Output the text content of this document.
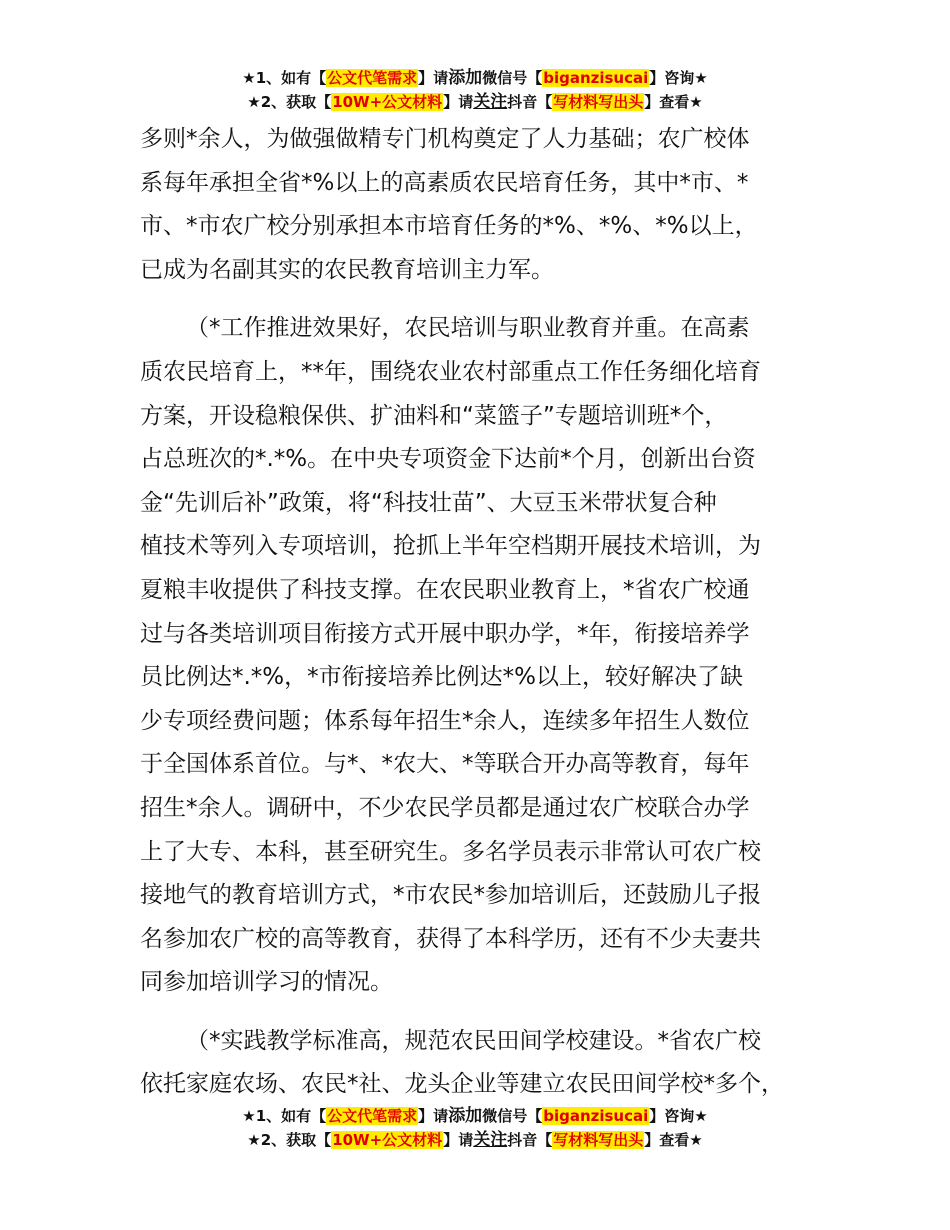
★1、如有【公文代笔需求】请添加微信号【biganzisucai】咨询★
★2、获取【10W+公文材料】请关注抖音【写材料写出头】查看★

多则*余人，为做强做精专门机构奠定了人力基础；农广校体
系每年承担全省*%以上的高素质农民培育任务，其中*市、*
市、*市农广校分别承担本市培育任务的*%、*%、*%以上，
已成为名副其实的农民教育培训主力军。

（*工作推进效果好，农民培训与职业教育并重。在高素
质农民培育上，**年，围绕农业农村部重点工作任务细化培育
方案，开设稳粮保供、扩油料和“菜篮子”专题培训班*个，
占总班次的*.*%。在中央专项资金下达前*个月，创新出台资
金“先训后补”政策，将“科技壮苗”、大豆玉米带状复合种
植技术等列入专项培训，抢抓上半年空档期开展技术培训，为
夏粮丰收提供了科技支撑。在农民职业教育上，*省农广校通
过与各类培训项目衔接方式开展中职办学，*年，衔接培养学
员比例达*.*%，*市衔接培养比例达*%以上，较好解决了缺
少专项经费问题；体系每年招生*余人，连续多年招生人数位
于全国体系首位。与*、*农大、*等联合开办高等教育，每年
招生*余人。调研中，不少农民学员都是通过农广校联合办学
上了大专、本科，甚至研究生。多名学员表示非常认可农广校
接地气的教育培训方式，*市农民*参加培训后，还鼓励儿子报
名参加农广校的高等教育，获得了本科学历，还有不少夫妻共
同参加培训学习的情况。

（*实践教学标准高，规范农民田间学校建设。*省农广校
依托家庭农场、农民*社、龙头企业等建立农民田间学校*多个，

★1、如有【公文代笔需求】请添加微信号【biganzisucai】咨询★
★2、获取【10W+公文材料】请关注抖音【写材料写出头】查看★
